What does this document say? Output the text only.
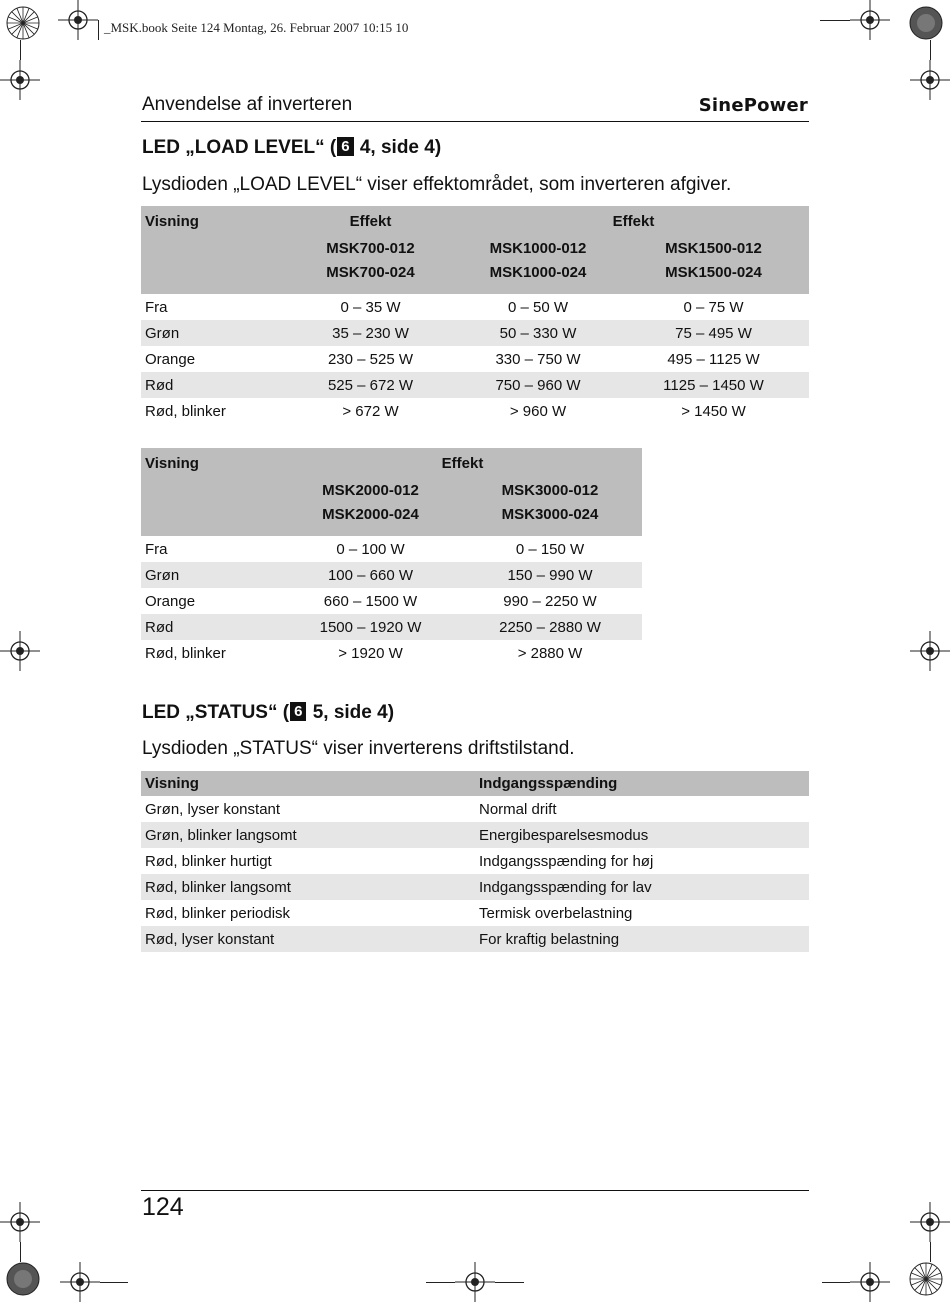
_MSK.book Seite 124 Montag, 26. Februar 2007 10:15 10
Anvendelse af inverteren	SinePower
LED „LOAD LEVEL“ ( 6 4, side 4)
Lysdioden „LOAD LEVEL“ viser effektområdet, som inverteren afgiver.
Visning	Effekt	Effekt	
	MSK700-012	MSK1000-012	MSK1500-012
	MSK700-024	MSK1000-024	MSK1500-024

Fra	0 – 35 W	0 – 50 W	0 – 75 W
Grøn	35 – 230 W	50 – 330 W	75 – 495 W
Orange	230 – 525 W	330 – 750 W	495 – 1125 W
Rød	525 – 672 W	750 – 960 W	1125 – 1450 W
Rød, blinker	> 672 W	> 960 W	> 1450 W
Visning	Effekt	
	MSK2000-012	MSK3000-012
	MSK2000-024	MSK3000-024

Fra	0 – 100 W	0 – 150 W
Grøn	100 – 660 W	150 – 990 W
Orange	660 – 1500 W	990 – 2250 W
Rød	1500 – 1920 W	2250 – 2880 W
Rød, blinker	> 1920 W	> 2880 W
LED „STATUS“ ( 6 5, side 4)
Lysdioden „STATUS“ viser inverterens driftstilstand.
Visning	Indgangsspænding
Grøn, lyser konstant	Normal drift
Grøn, blinker langsomt	Energibesparelsesmodus
Rød, blinker hurtigt	Indgangsspænding for høj
Rød, blinker langsomt	Indgangsspænding for lav
Rød, blinker periodisk	Termisk overbelastning
Rød, lyser konstant	For kraftig belastning
124
